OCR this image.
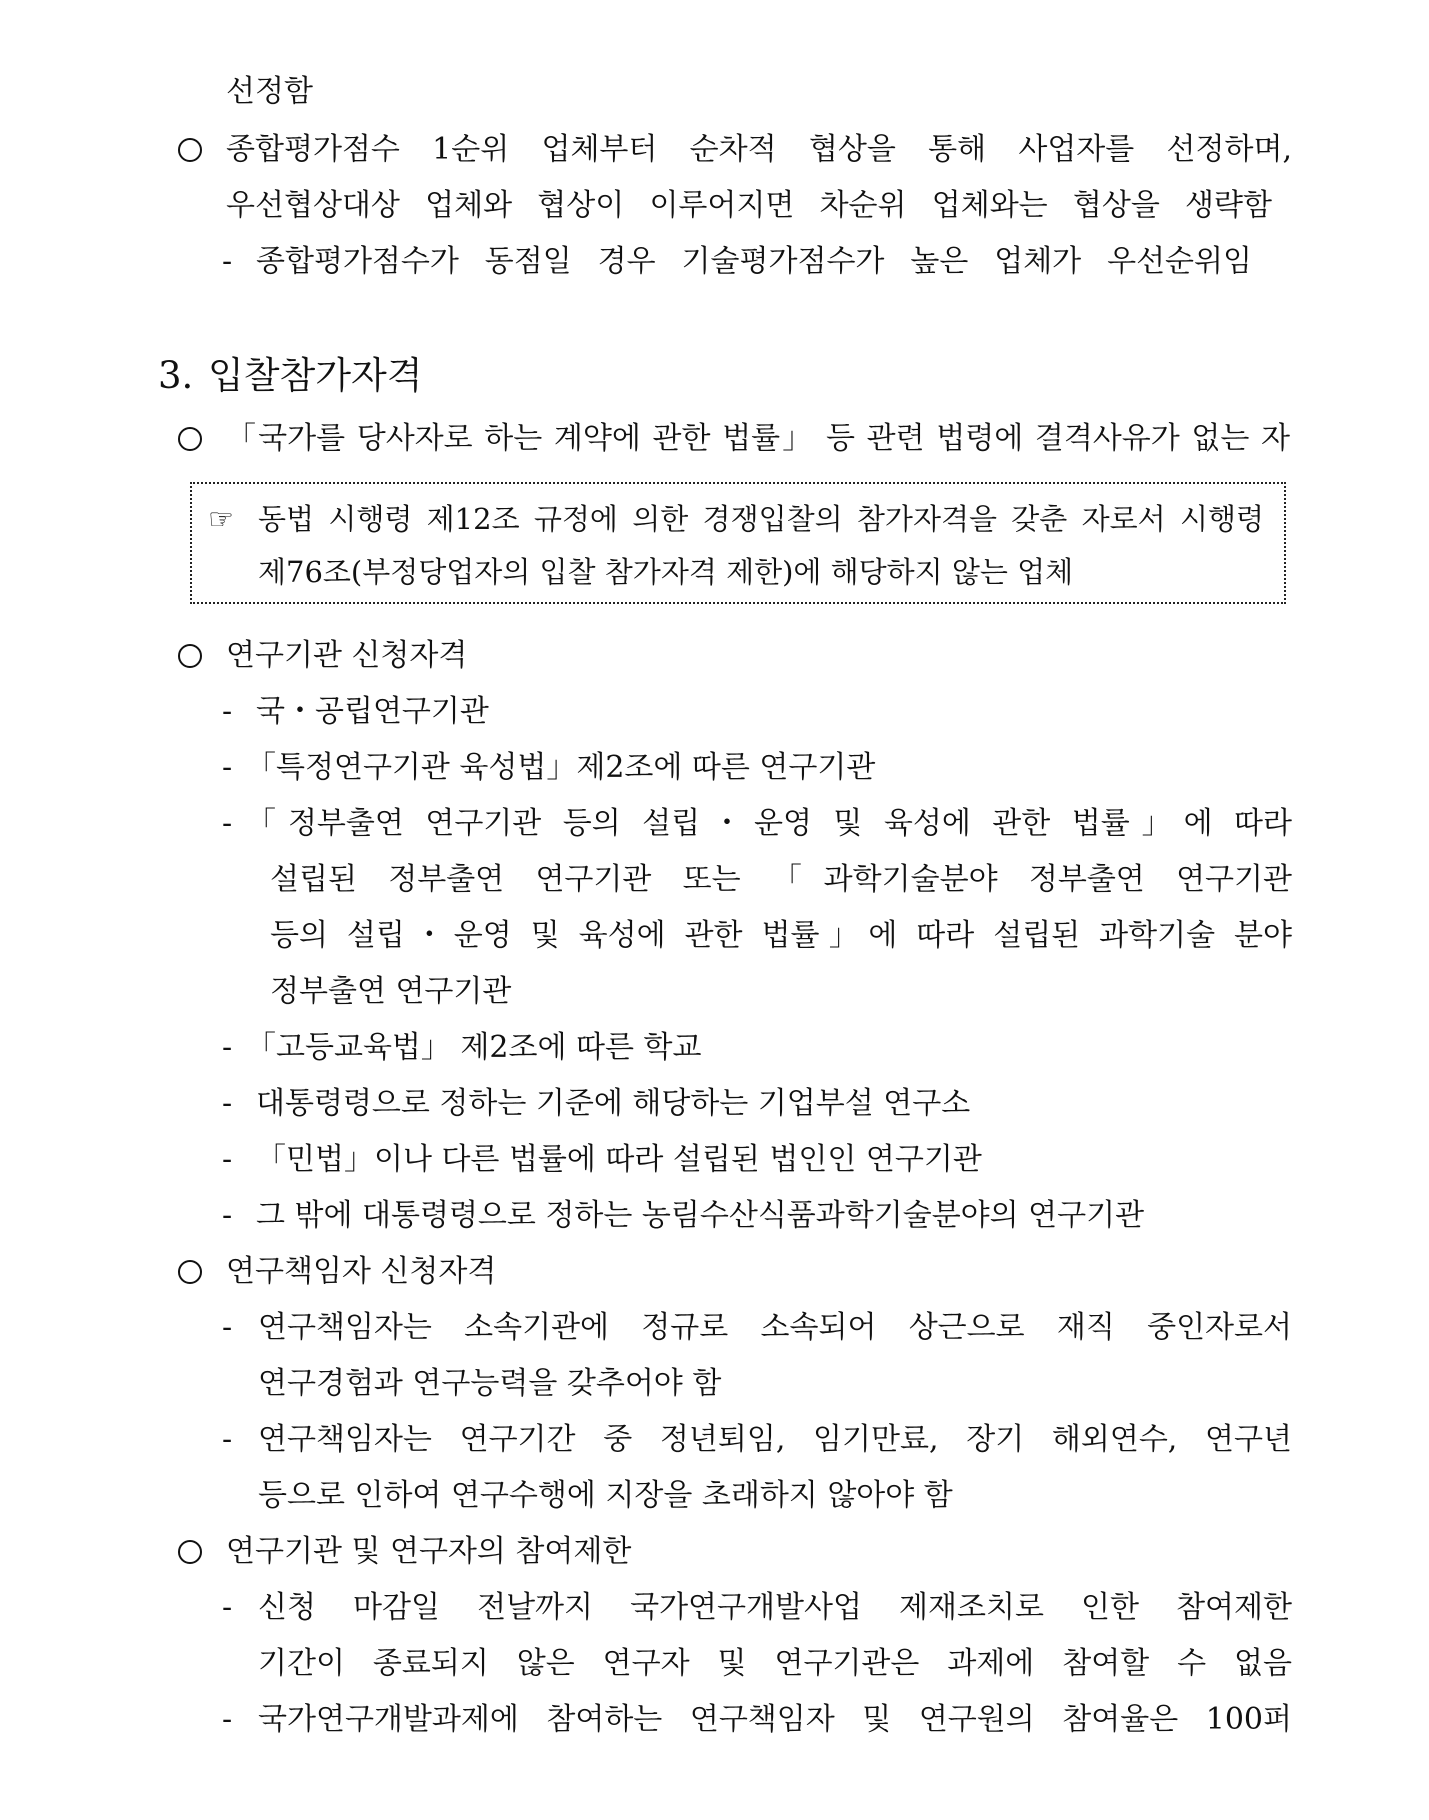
선정함
종합평가점수 1순위 업체부터 순차적 협상을 통해 사업자를 선정하며,
우선협상대상 업체와 협상이 이루어지면 차순위 업체와는 협상을 생략함
- 종합평가점수가 동점일 경우 기술평가점수가 높은 업체가 우선순위임
3. 입찰참가자격
「국가를 당사자로 하는 계약에 관한 법률」 등 관련 법령에 결격사유가 없는 자
☞ 동법 시행령 제12조 규정에 의한 경쟁입찰의 참가자격을 갖춘 자로서 시행령
제76조(부정당업자의 입찰 참가자격 제한)에 해당하지 않는 업체
연구기관 신청자격
- 국・공립연구기관
- 「특정연구기관 육성법」제2조에 따른 연구기관
- 「정부출연 연구기관 등의 설립・운영 및 육성에 관한 법률」에 따라
설립된 정부출연 연구기관 또는 「과학기술분야 정부출연 연구기관
등의 설립・운영 및 육성에 관한 법률」에 따라 설립된 과학기술 분야
정부출연 연구기관
- 「고등교육법」 제2조에 따른 학교
- 대통령령으로 정하는 기준에 해당하는 기업부설 연구소
- 「민법」이나 다른 법률에 따라 설립된 법인인 연구기관
- 그 밖에 대통령령으로 정하는 농림수산식품과학기술분야의 연구기관
연구책임자 신청자격
- 연구책임자는 소속기관에 정규로 소속되어 상근으로 재직 중인자로서
연구경험과 연구능력을 갖추어야 함
- 연구책임자는 연구기간 중 정년퇴임, 임기만료, 장기 해외연수, 연구년
등으로 인하여 연구수행에 지장을 초래하지 않아야 함
연구기관 및 연구자의 참여제한
- 신청 마감일 전날까지 국가연구개발사업 제재조치로 인한 참여제한
기간이 종료되지 않은 연구자 및 연구기관은 과제에 참여할 수 없음
- 국가연구개발과제에 참여하는 연구책임자 및 연구원의 참여율은 100퍼
